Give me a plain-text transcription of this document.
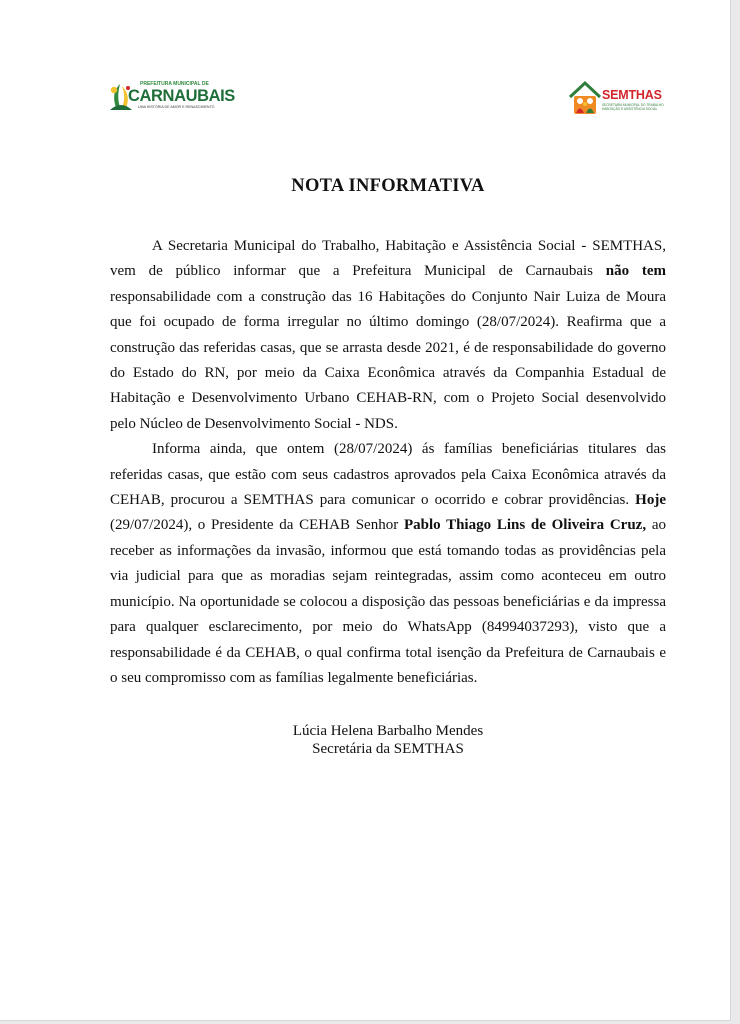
PREFEITURA MUNICIPAL DE
CARNAUBAIS
UMA HISTÓRIA DE AMOR E RENASCIMENTO
SEMTHAS
SECRETARIA MUNICIPAL DO TRABALHO, HABITAÇÃO E ASSISTÊNCIA SOCIAL
NOTA INFORMATIVA

A Secretaria Municipal do Trabalho, Habitação e Assistência Social - SEMTHAS, vem de público informar que a Prefeitura Municipal de Carnaubais não tem responsabilidade com a construção das 16 Habitações do Conjunto Nair Luiza de Moura que foi ocupado de forma irregular no último domingo (28/07/2024). Reafirma que a construção das referidas casas, que se arrasta desde 2021, é de responsabilidade do governo do Estado do RN, por meio da Caixa Econômica através da Companhia Estadual de Habitação e Desenvolvimento Urbano CEHAB-RN, com o Projeto Social desenvolvido pelo Núcleo de Desenvolvimento Social - NDS.

Informa ainda, que ontem (28/07/2024) ás famílias beneficiárias titulares das referidas casas, que estão com seus cadastros aprovados pela Caixa Econômica através da CEHAB, procurou a SEMTHAS para comunicar o ocorrido e cobrar providências. Hoje (29/07/2024), o Presidente da CEHAB Senhor Pablo Thiago Lins de Oliveira Cruz, ao receber as informações da invasão, informou que está tomando todas as providências pela via judicial para que as moradias sejam reintegradas, assim como aconteceu em outro município. Na oportunidade se colocou a disposição das pessoas beneficiárias e da impressa para qualquer esclarecimento, por meio do WhatsApp (84994037293), visto que a responsabilidade é da CEHAB, o qual confirma total isenção da Prefeitura de Carnaubais e o seu compromisso com as famílias legalmente beneficiárias.

Lúcia Helena Barbalho Mendes
Secretária da SEMTHAS
